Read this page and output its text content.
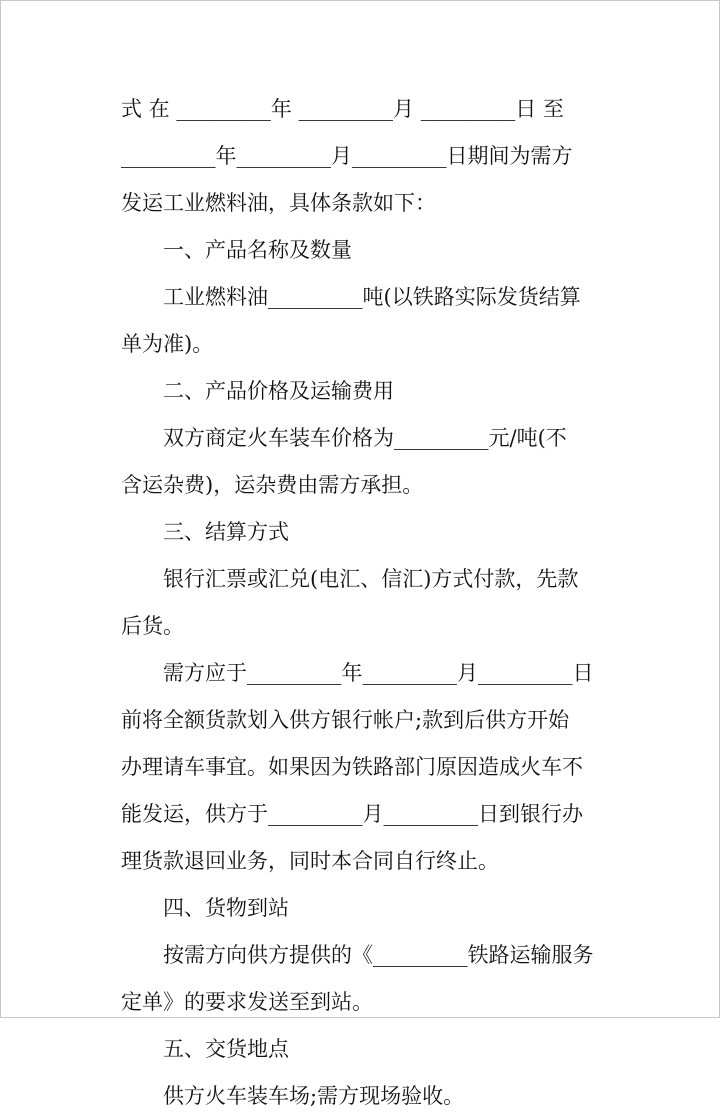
式 在 _________年 _________月 _________日 至
_________年_________月_________日期间为需方
发运工业燃料油，具体条款如下：
一、产品名称及数量
工业燃料油_________吨(以铁路实际发货结算
单为准)。
二、产品价格及运输费用
双方商定火车装车价格为_________元/吨(不
含运杂费)，运杂费由需方承担。
三、结算方式
银行汇票或汇兑(电汇、信汇)方式付款，先款
后货。
需方应于_________年_________月_________日
前将全额货款划入供方银行帐户;款到后供方开始
办理请车事宜。如果因为铁路部门原因造成火车不
能发运，供方于_________月_________日到银行办
理货款退回业务，同时本合同自行终止。
四、货物到站
按需方向供方提供的《_________铁路运输服务
定单》的要求发送至到站。
五、交货地点
供方火车装车场;需方现场验收。
